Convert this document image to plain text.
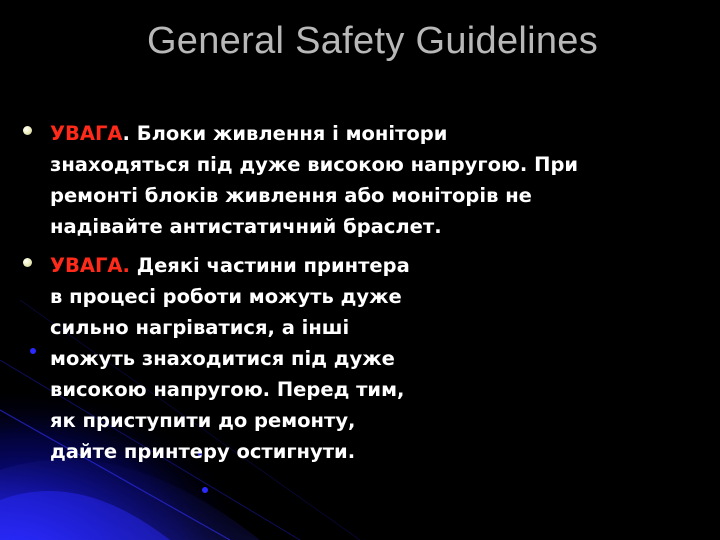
General Safety Guidelines
УВАГА. Блоки живлення і монітори
знаходяться під дуже високою напругою. При
ремонті блоків живлення або моніторів не
надівайте антистатичний браслет.
УВАГА. Деякі частини принтера
в процесі роботи можуть дуже
сильно нагріватися, а інші
можуть знаходитися під дуже
високою напругою. Перед тим,
як приступити до ремонту,
дайте принтеру остигнути.
